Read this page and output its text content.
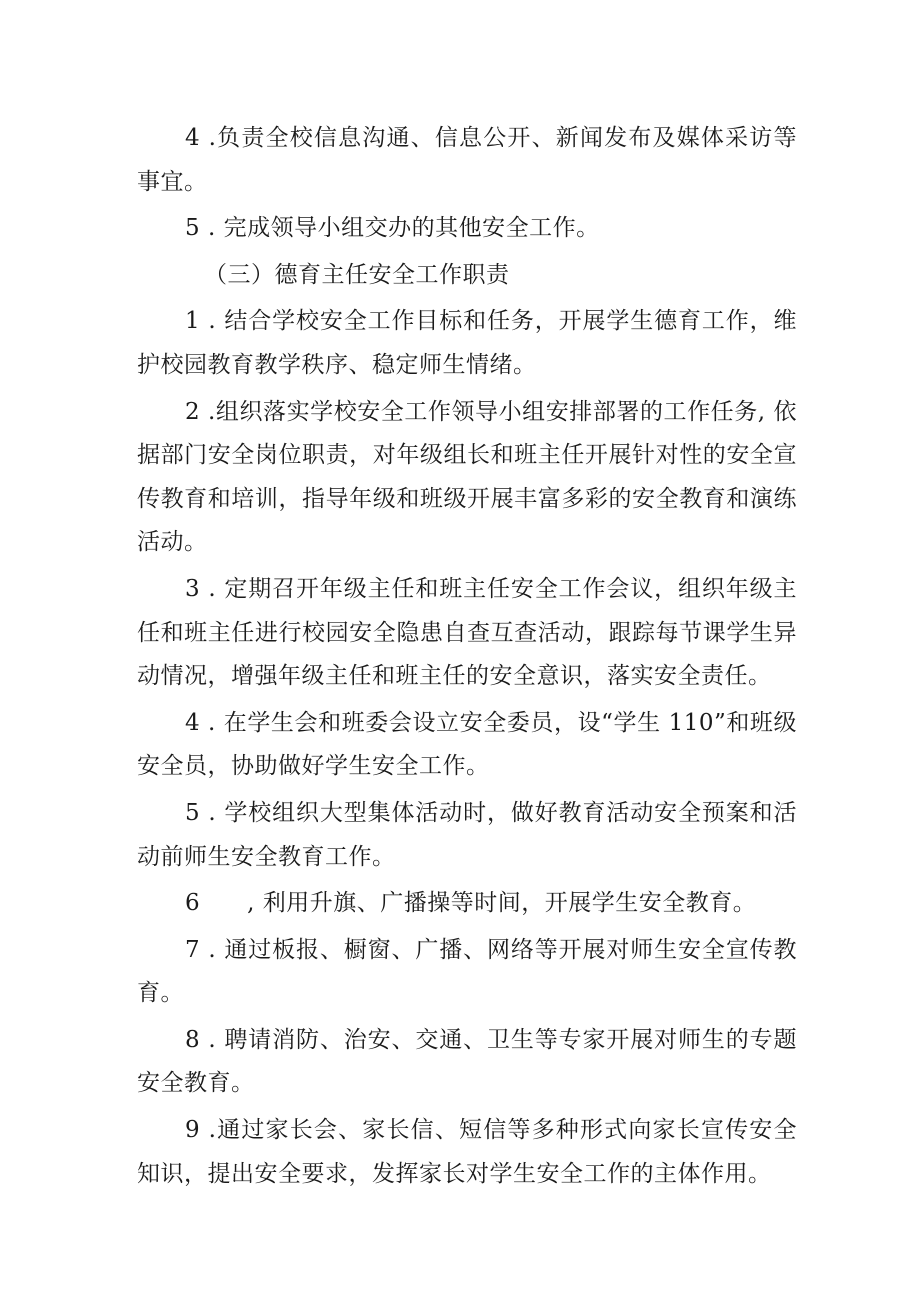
4 .负责全校信息沟通、信息公开、新闻发布及媒体采访等事宜。

5 . 完成领导小组交办的其他安全工作。

（三）德育主任安全工作职责

1 . 结合学校安全工作目标和任务，开展学生德育工作，维护校园教育教学秩序、稳定师生情绪。

2 .组织落实学校安全工作领导小组安排部署的工作任务, 依据部门安全岗位职责，对年级组长和班主任开展针对性的安全宣传教育和培训，指导年级和班级开展丰富多彩的安全教育和演练活动。

3 . 定期召开年级主任和班主任安全工作会议，组织年级主任和班主任进行校园安全隐患自查互查活动，跟踪每节课学生异动情况，增强年级主任和班主任的安全意识，落实安全责任。

4 . 在学生会和班委会设立安全委员，设“学生 110”和班级安全员，协助做好学生安全工作。

5 . 学校组织大型集体活动时，做好教育活动安全预案和活动前师生安全教育工作。

6　　, 利用升旗、广播操等时间，开展学生安全教育。

7 . 通过板报、橱窗、广播、网络等开展对师生安全宣传教育。

8 . 聘请消防、治安、交通、卫生等专家开展对师生的专题安全教育。

9 .通过家长会、家长信、短信等多种形式向家长宣传安全知识，提出安全要求，发挥家长对学生安全工作的主体作用。
